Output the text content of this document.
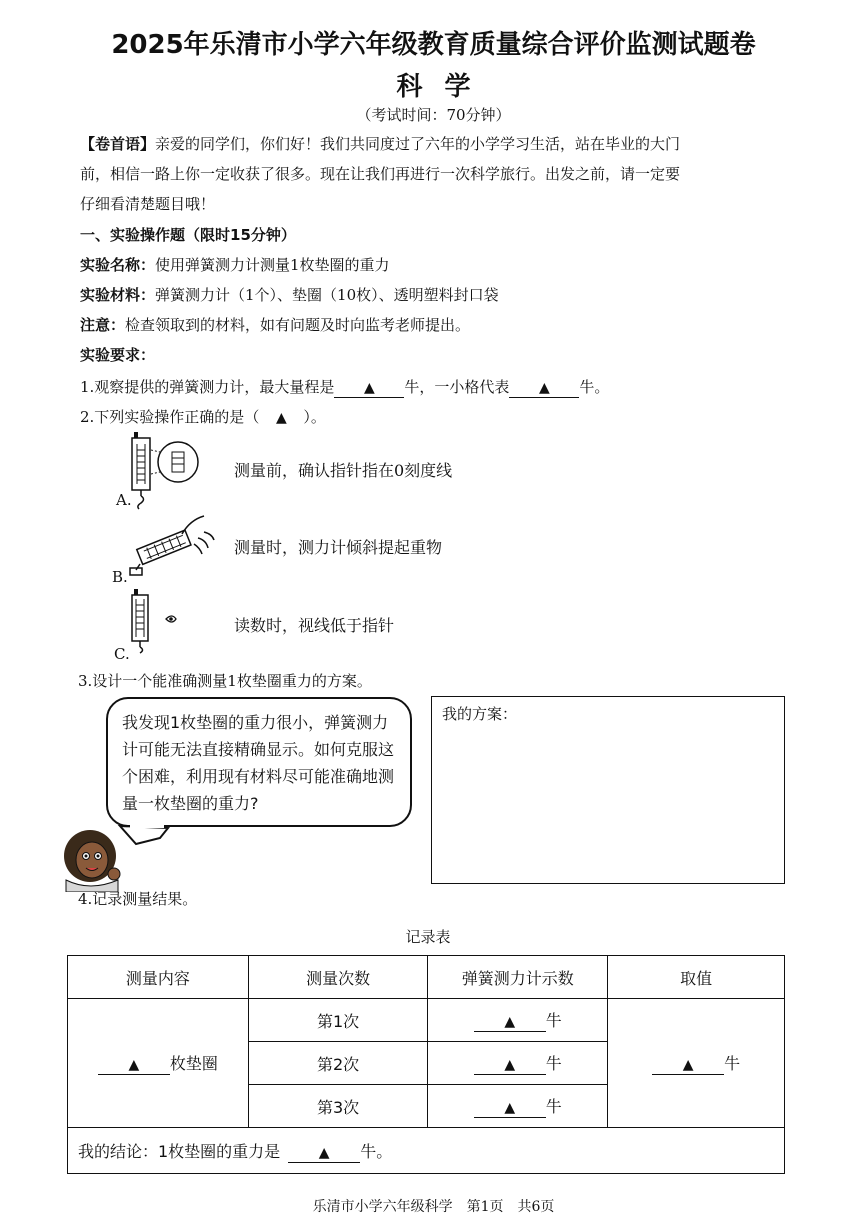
2025年乐清市小学六年级教育质量综合评价监测试题卷
科学
（考试时间：70分钟）
【卷首语】亲爱的同学们，你们好！我们共同度过了六年的小学学习生活，站在毕业的大门
前，相信一路上你一定收获了很多。现在让我们再进行一次科学旅行。出发之前，请一定要
仔细看清楚题目哦！
一、实验操作题（限时15分钟）
实验名称：使用弹簧测力计测量1枚垫圈的重力
实验材料：弹簧测力计（1个）、垫圈（10枚）、透明塑料封口袋
注意：检查领取到的材料，如有问题及时向监考老师提出。
实验要求：
1.观察提供的弹簧测力计，最大量程是 ▲ 牛，一小格代表 ▲ 牛。
2.下列实验操作正确的是（ ▲ ）。
A.
测量前，确认指针指在0刻度线
B.
测量时，测力计倾斜提起重物
C.
读数时，视线低于指针
3.设计一个能准确测量1枚垫圈重力的方案。
我发现1枚垫圈的重力很小，弹簧测力计可能无法直接精确显示。如何克服这个困难，利用现有材料尽可能准确地测量一枚垫圈的重力?
我的方案：
4.记录测量结果。
记录表
测量内容	测量次数	弹簧测力计示数	取值
▲ 枚垫圈	第1次	▲ 牛	▲ 牛
	第2次	▲ 牛	
	第3次	▲ 牛	
我的结论：1枚垫圈的重力是 ▲ 牛。			
乐清市小学六年级科学　第1页　共6页
